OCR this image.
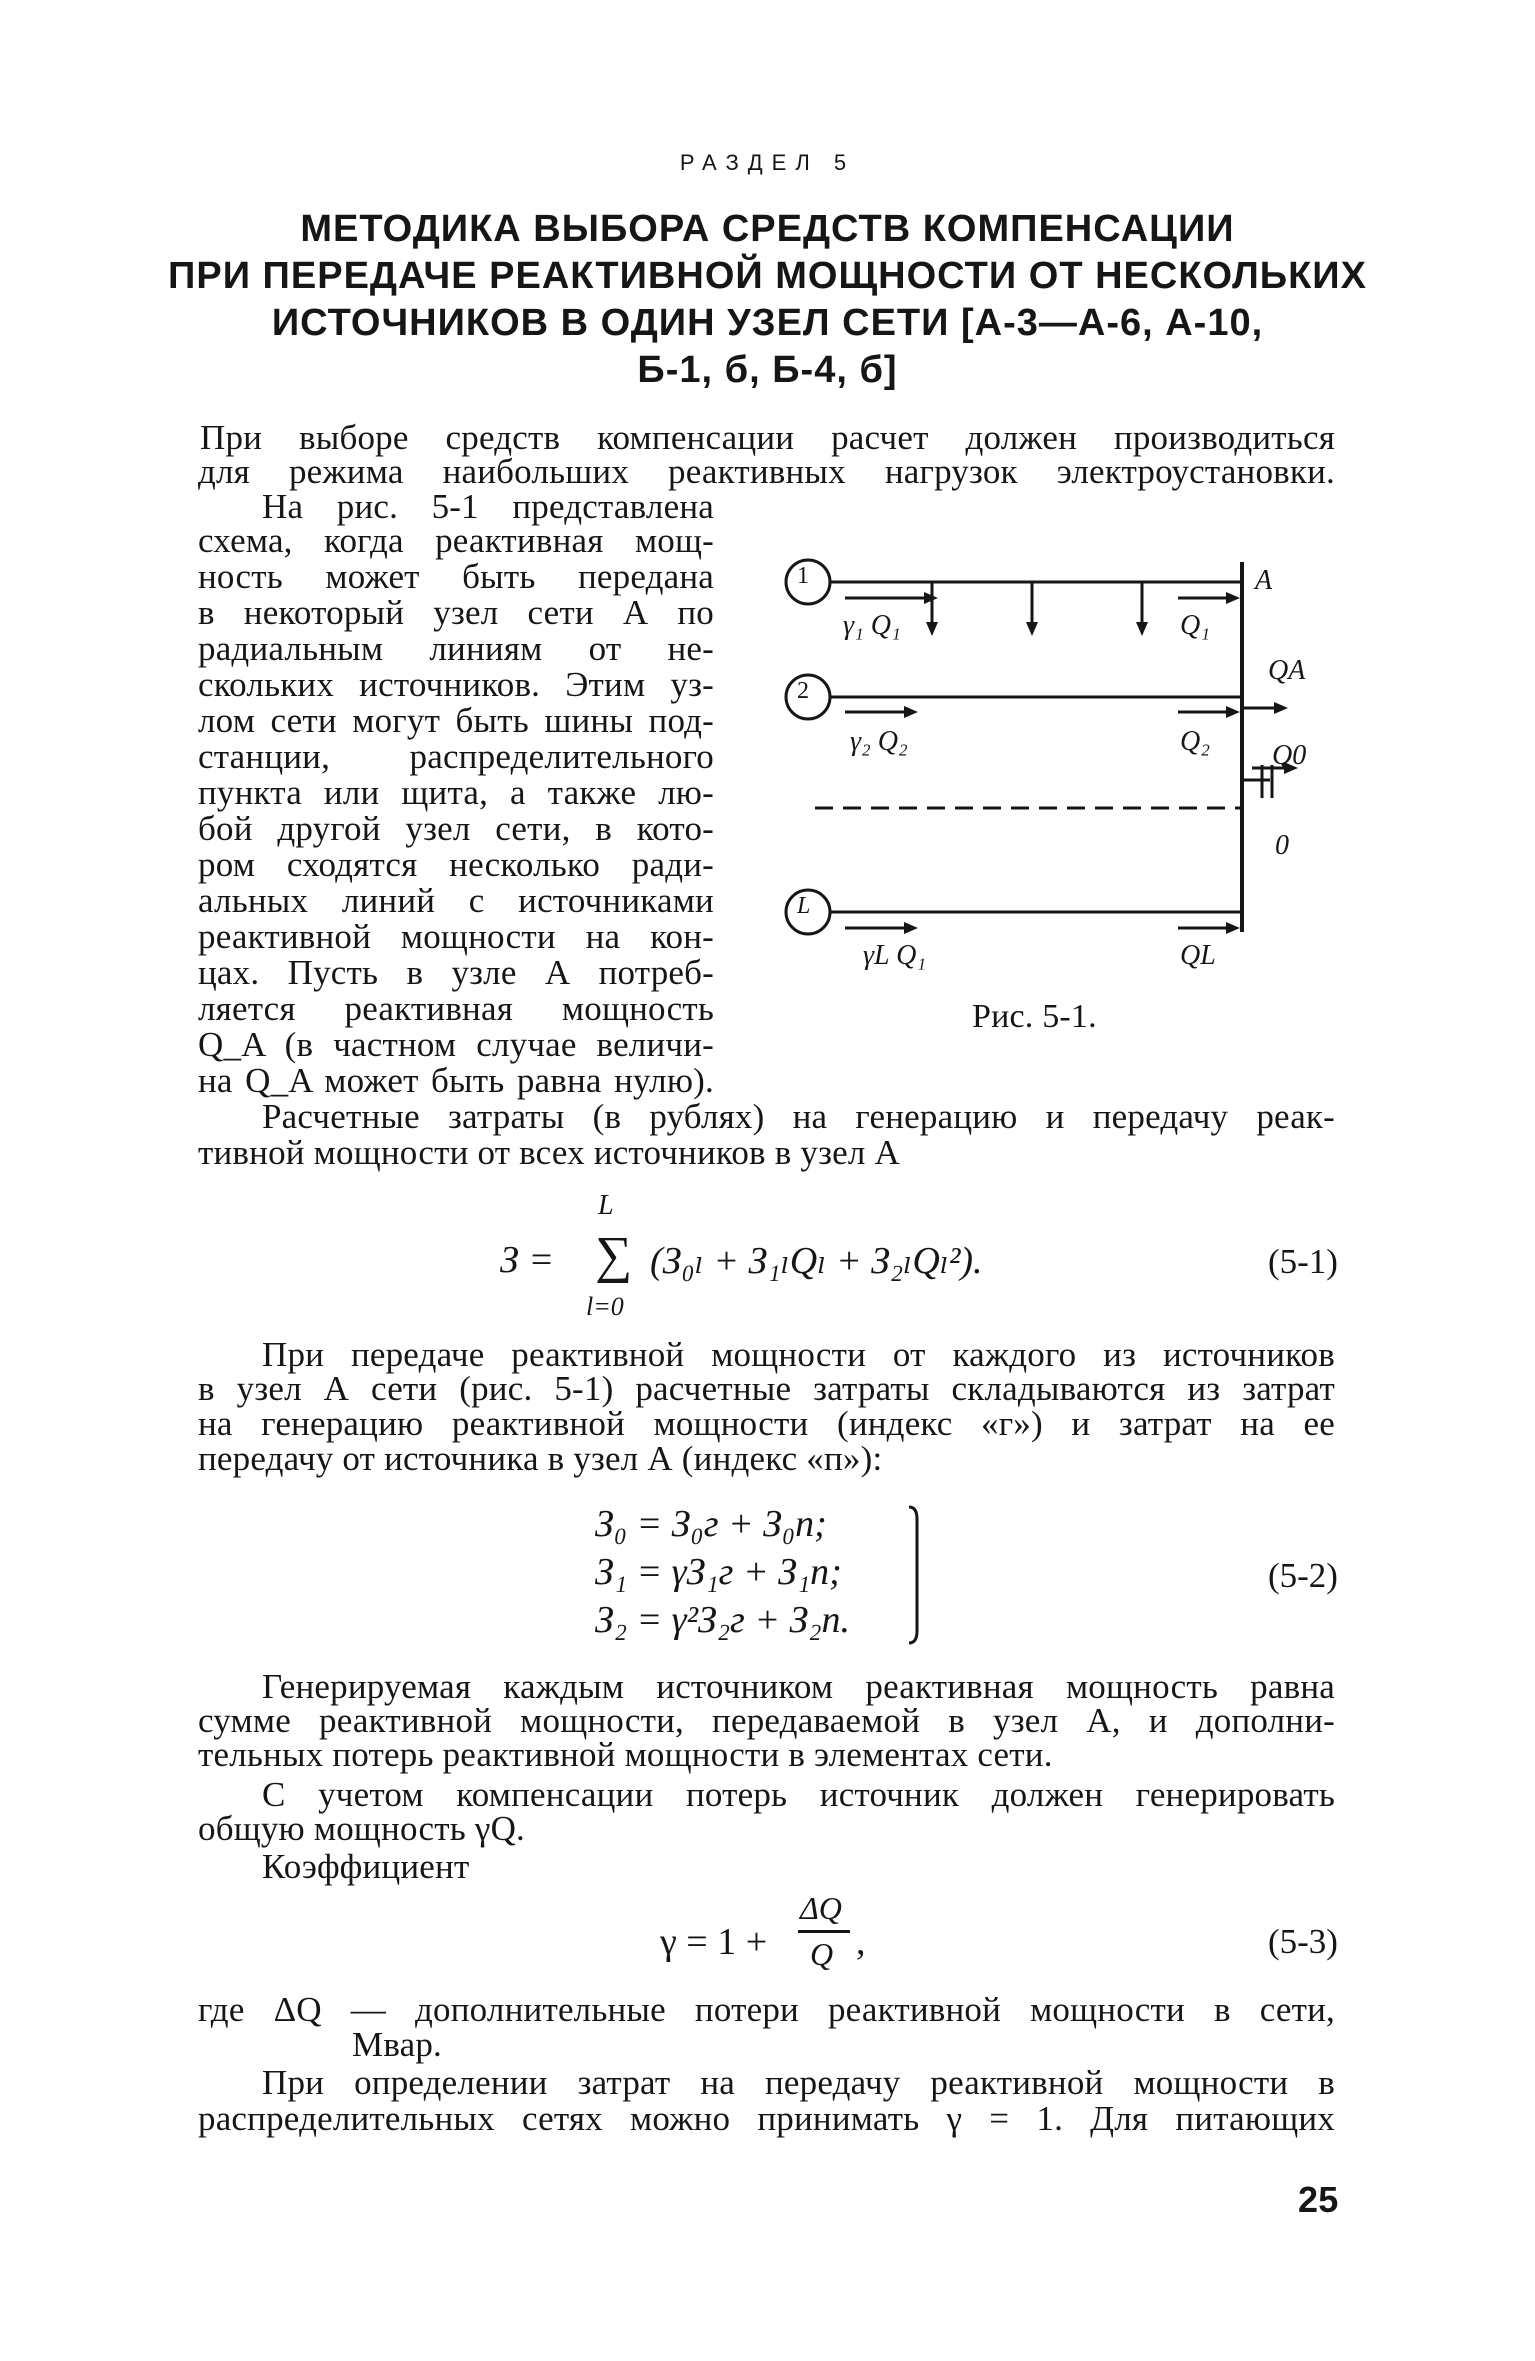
РАЗДЕЛ 5
МЕТОДИКА ВЫБОРА СРЕДСТВ КОМПЕНСАЦИИ
ПРИ ПЕРЕДАЧЕ РЕАКТИВНОЙ МОЩНОСТИ ОТ НЕСКОЛЬКИХ
ИСТОЧНИКОВ В ОДИН УЗЕЛ СЕТИ [А-3—А-6, А-10,
Б-1, б, Б-4, б]
При выборе средств компенсации расчет должен производиться
для режима наибольших реактивных нагрузок электроустановки.
На рис. 5-1 представлена
схема, когда реактивная мощ-
ность может быть передана
в некоторый узел сети А по
радиальным линиям от не-
скольких источников. Этим уз-
лом сети могут быть шины под-
станции, распределительного
пункта или щита, а также лю-
бой другой узел сети, в кото-
ром сходятся несколько ради-
альных линий с источниками
реактивной мощности на кон-
цах. Пусть в узле А потреб-
ляется реактивная мощность
Q_A (в частном случае величи-
на Q_A может быть равна нулю).
1
2
L
γ₁ Q₁	Q₁
γ₂ Q₂	Q₂
γL Q₁	QL
A
QA
Q0
0
Рис. 5-1.
Расчетные затраты (в рублях) на генерацию и передачу реак-
тивной мощности от всех источников в узел А
З =
L
∑
l=0
(З₀ₗ + З₁ₗQₗ + З₂ₗQₗ²).	(5-1)
При передаче реактивной мощности от каждого из источников
в узел А сети (рис. 5-1) расчетные затраты складываются из затрат
на генерацию реактивной мощности (индекс «г») и затрат на ее
передачу от источника в узел А (индекс «п»):
З₀ = З₀г + З₀п;
З₁ = γЗ₁г + З₁п;
З₂ = γ²З₂г + З₂п.
(5-2)
Генерируемая каждым источником реактивная мощность равна
сумме реактивной мощности, передаваемой в узел А, и дополни-
тельных потерь реактивной мощности в элементах сети.
С учетом компенсации потерь источник должен генерировать
общую мощность γQ.
Коэффициент
γ = 1 +
ΔQ
Q ,	(5-3)
где ΔQ — дополнительные потери реактивной мощности в сети,
Мвар.
При определении затрат на передачу реактивной мощности в
распределительных сетях можно принимать γ = 1. Для питающих
25
